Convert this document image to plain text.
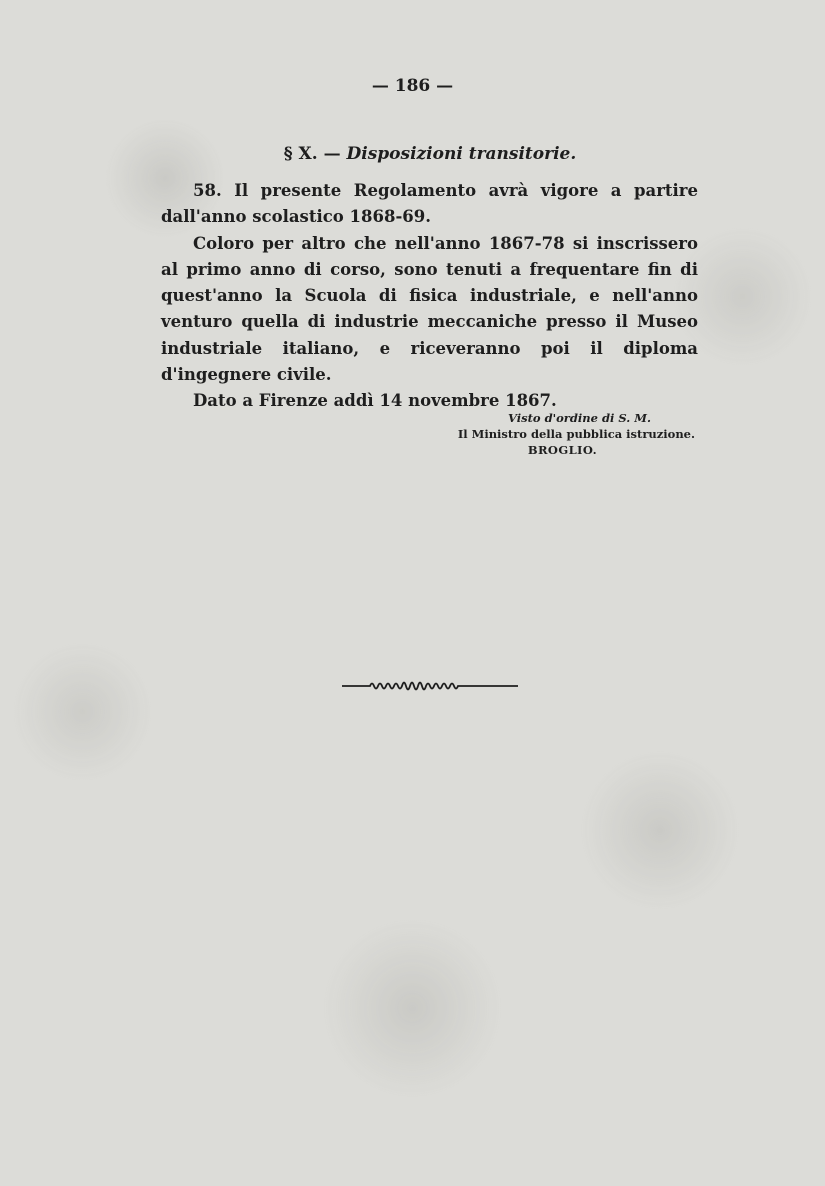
— 186 —
§ X. — Disposizioni transitorie.

58. Il presente Regolamento avrà vigore a partire dall'anno scolastico 1868-69.

Coloro per altro che nell'anno 1867-78 si inscrissero al primo anno di corso, sono tenuti a frequentare fin di quest'anno la Scuola di fisica industriale, e nell'anno venturo quella di industrie meccaniche presso il Museo industriale italiano, e riceveranno poi il diploma d'ingegnere civile.

Dato a Firenze addì 14 novembre 1867.

Visto d'ordine di S. M.
Il Ministro della pubblica istruzione.
BROGLIO.
